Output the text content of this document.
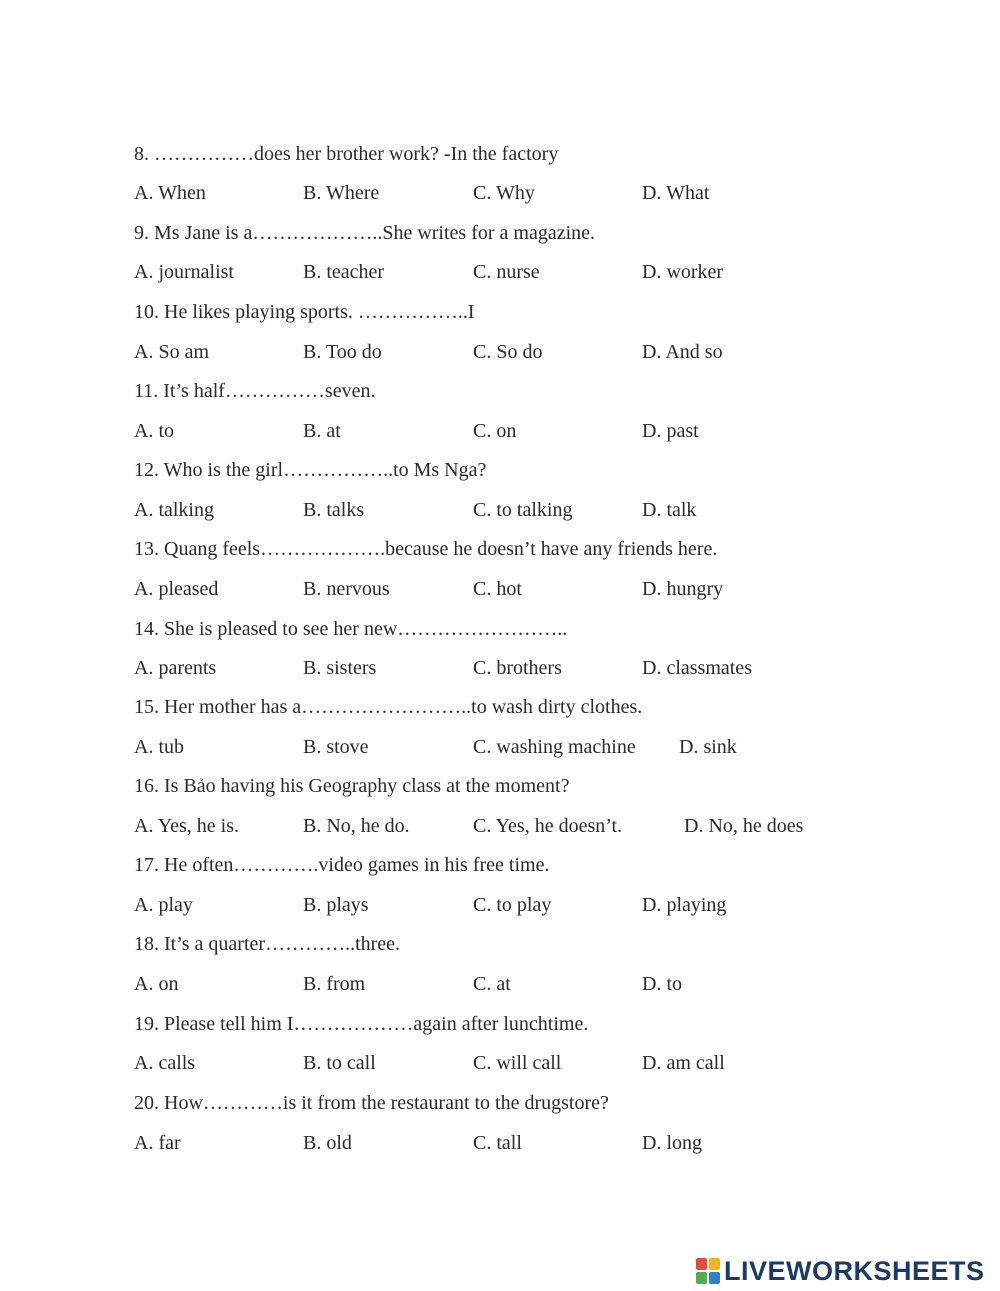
8. ……………does her brother work? -In the factory
A. When	B. Where	C. Why	D. What
9. Ms Jane is a………………..She writes for a magazine.
A. journalist	B. teacher	C. nurse	D. worker
10. He likes playing sports. ……………..I
A. So am	B. Too do	C. So do	D. And so
11. It’s half……………seven.
A. to	B. at	C. on	D. past
12. Who is the girl……………..to Ms Nga?
A. talking	B. talks	C. to talking	D. talk
13. Quang feels……………….because he doesn’t have any friends here.
A. pleased	B. nervous	C. hot	D. hungry
14. She is pleased to see her new……………………..
A. parents	B. sisters	C. brothers	D. classmates
15. Her mother has a……………………..to wash dirty clothes.
A. tub	B. stove	C. washing machine D. sink
16. Is Bảo having his Geography class at the moment?
A. Yes, he is.	B. No, he do.	C. Yes, he doesn’t.	D. No, he does
17. He often………….video games in his free time.
A. play	B. plays	C. to play	D. playing
18. It’s a quarter…………..three.
A. on	B. from	C. at	D. to
19. Please tell him I………………again after lunchtime.
A. calls	B. to call	C. will call	D. am call
20. How…………is it from the restaurant to the drugstore?
A. far	B. old	C. tall	D. long
LIVEWORKSHEETS
